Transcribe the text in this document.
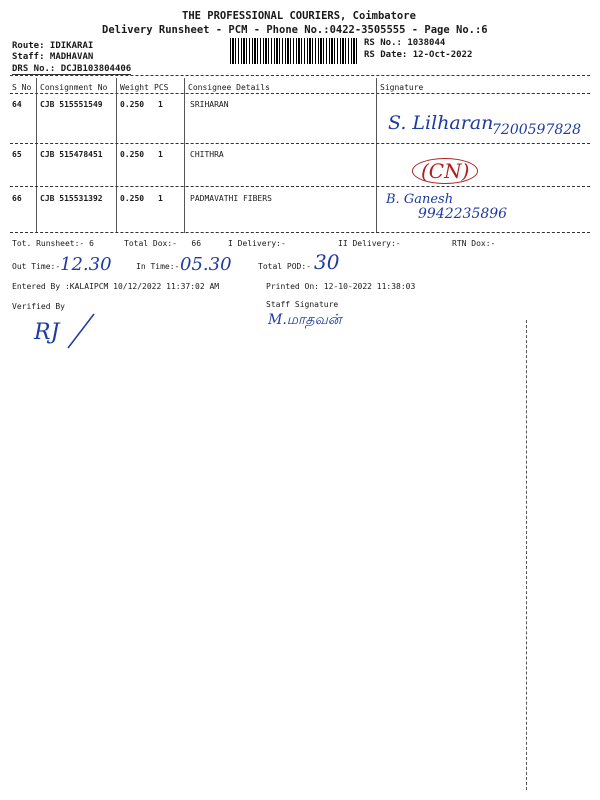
THE PROFESSIONAL COURIERS, Coimbatore
Delivery Runsheet - PCM - Phone No.:0422-3505555 - Page No.:6
Route: IDIKARAI
Staff: MADHAVAN
DRS No.: DCJB103804406
RS No.: 1038044
RS Date: 12-Oct-2022
S No Consignment No Weight PCS Consignee Details	Signature
64 CJB 515551549 0.250 1	SRIHARAN
S. Lilharan
7200597828
65 CJB 515478451 0.250 1	CHITHRA
(CN)
66 CJB 515531392 0.250 1	PADMAVATHI FIBERS	B. Ganesh
9942235896
Tot. Runsheet:- 6	Total Dox:-   66	I Delivery:-	II Delivery:-	RTN Dox:-
Out Time:- 12.30	In Time:- 05.30	Total POD:- 30
Entered By :KALAIPCM 10/12/2022 11:37:02 AM	Printed On: 12-10-2022 11:38:03
Verified By	Staff Signature
RJ	M.மாதவன்
